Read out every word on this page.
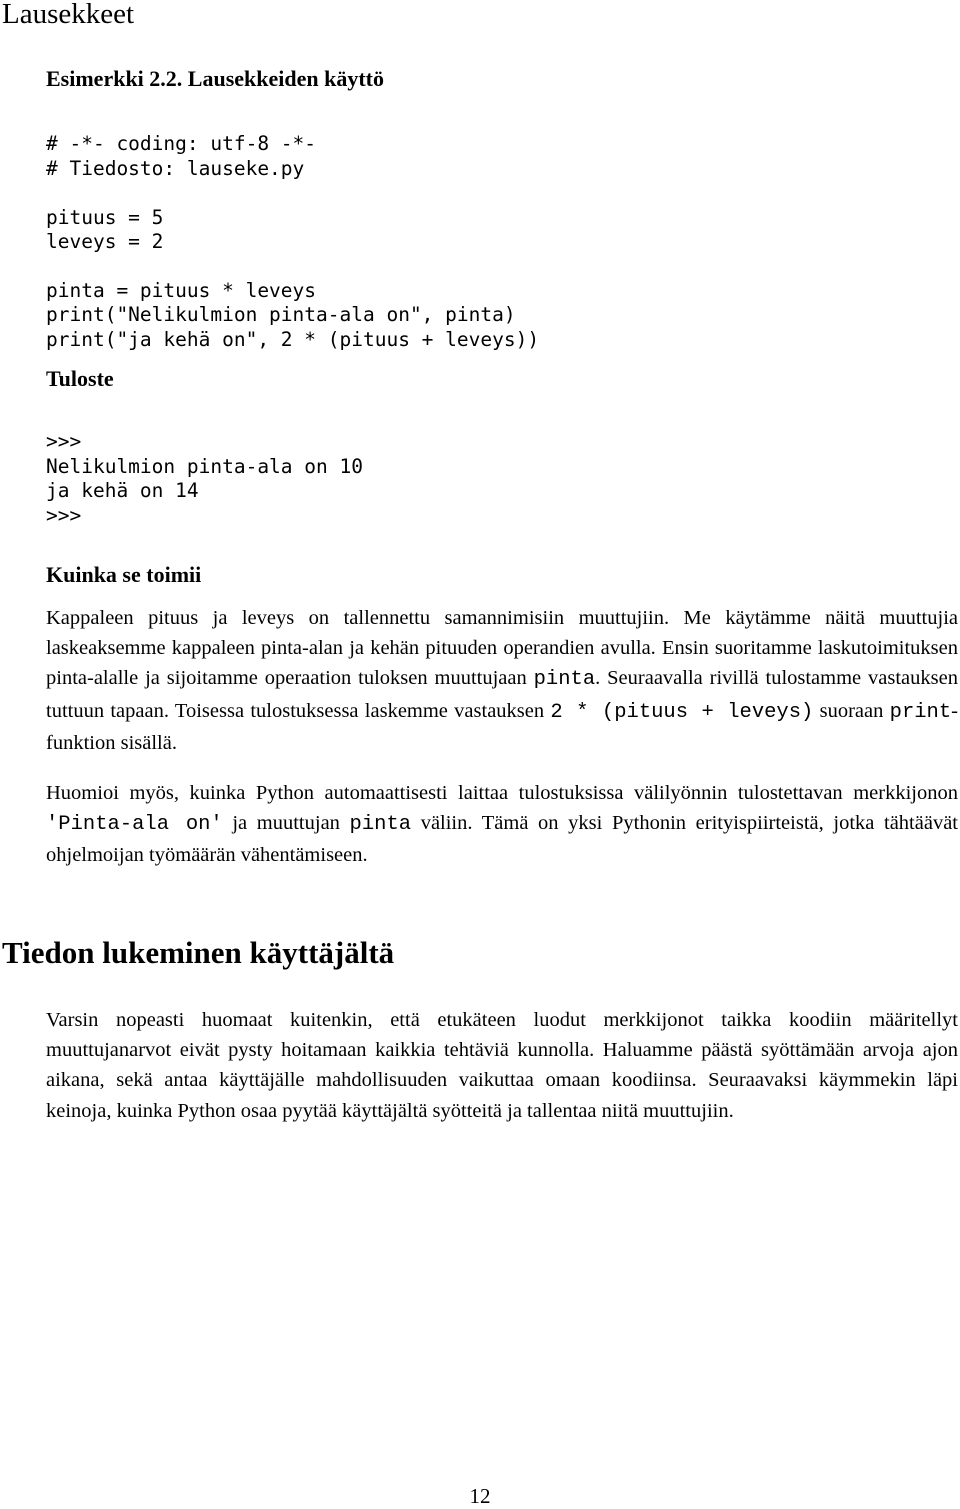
Lausekkeet
Esimerkki 2.2. Lausekkeiden käyttö

# -*- coding: utf-8 -*-
# Tiedosto: lauseke.py

pituus = 5
leveys = 2

pinta = pituus * leveys
print("Nelikulmion pinta-ala on", pinta)
print("ja kehä on", 2 * (pituus + leveys))

Tuloste

>>>
Nelikulmion pinta-ala on 10
ja kehä on 14
>>>

Kuinka se toimii

Kappaleen pituus ja leveys on tallennettu samannimisiin muuttujiin. Me käytämme näitä muuttujia laskeaksemme kappaleen pinta-alan ja kehän pituuden operandien avulla. Ensin suoritamme laskutoimituksen pinta-alalle ja sijoitamme operaation tuloksen muuttujaan pinta. Seuraavalla rivillä tulostamme vastauksen tuttuun tapaan. Toisessa tulostuksessa laskemme vastauksen 2 * (pituus + leveys) suoraan print-funktion sisällä.

Huomioi myös, kuinka Python automaattisesti laittaa tulostuksissa välilyönnin tulostettavan merkkijonon 'Pinta-ala on' ja muuttujan pinta väliin. Tämä on yksi Pythonin erityispiirteistä, jotka tähtäävät ohjelmoijan työmäärän vähentämiseen.

Tiedon lukeminen käyttäjältä

Varsin nopeasti huomaat kuitenkin, että etukäteen luodut merkkijonot taikka koodiin määritellyt muuttujanarvot eivät pysty hoitamaan kaikkia tehtäviä kunnolla. Haluamme päästä syöttämään arvoja ajon aikana, sekä antaa käyttäjälle mahdollisuuden vaikuttaa omaan koodiinsa. Seuraavaksi käymmekin läpi keinoja, kuinka Python osaa pyytää käyttäjältä syötteitä ja tallentaa niitä muuttujiin.

12
